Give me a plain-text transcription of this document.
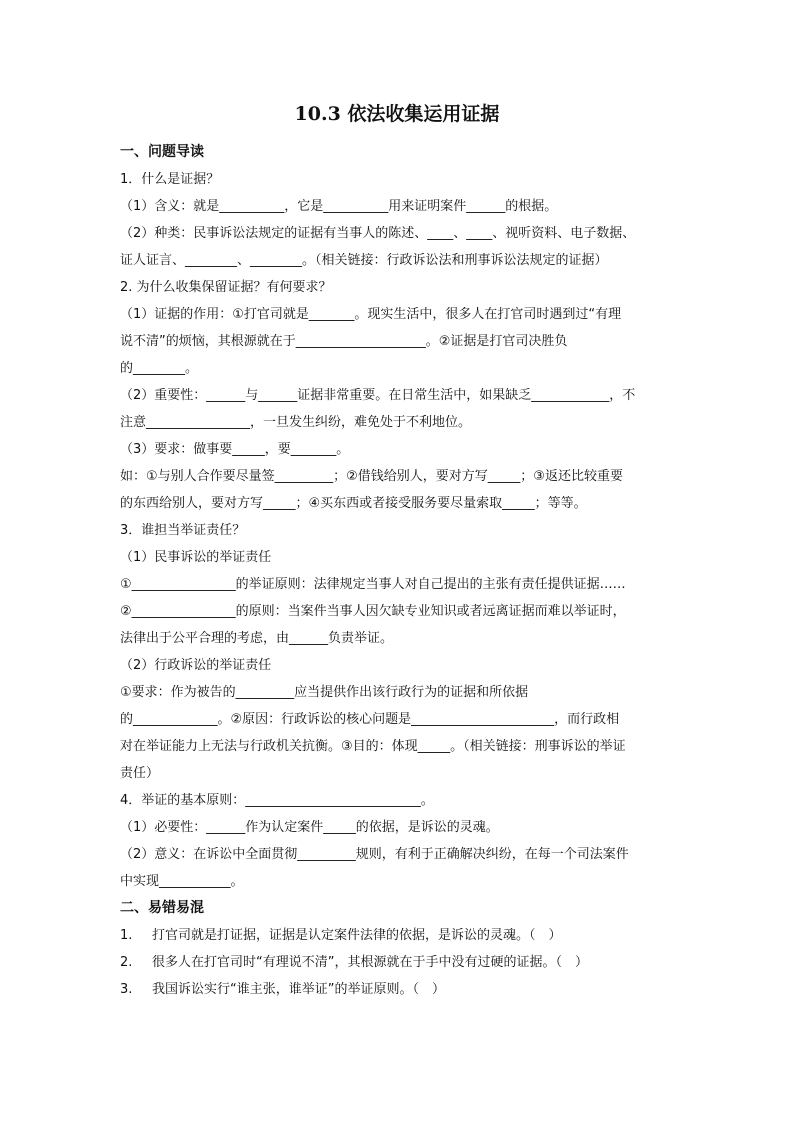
10.3 依法收集运用证据
一、问题导读
1．什么是证据？
（1）含义：就是__________，它是__________用来证明案件______的根据。
（2）种类：民事诉讼法规定的证据有当事人的陈述、____、____、视听资料、电子数据、
证人证言、________、________。（相关链接：行政诉讼法和刑事诉讼法规定的证据）
2. 为什么收集保留证据？有何要求？
（1）证据的作用：①打官司就是_______。现实生活中，很多人在打官司时遇到过“有理
说不清”的烦恼，其根源就在于____________________。②证据是打官司决胜负
的________。
（2）重要性：______与______证据非常重要。在日常生活中，如果缺乏____________，不
注意________________，一旦发生纠纷，难免处于不利地位。
（3）要求：做事要_____，要_______。
如：①与别人合作要尽量签_________；②借钱给别人，要对方写_____；③返还比较重要
的东西给别人，要对方写_____；④买东西或者接受服务要尽量索取_____；等等。
3．谁担当举证责任？
（1）民事诉讼的举证责任
①________________的举证原则：法律规定当事人对自己提出的主张有责任提供证据……
②________________的原则：当案件当事人因欠缺专业知识或者远离证据而难以举证时，
法律出于公平合理的考虑，由______负责举证。
（2）行政诉讼的举证责任
①要求：作为被告的_________应当提供作出该行政行为的证据和所依据
的_____________。②原因：行政诉讼的核心问题是______________________，而行政相
对在举证能力上无法与行政机关抗衡。③目的：体现_____。（相关链接：刑事诉讼的举证
责任）
4．举证的基本原则：___________________________。
（1）必要性：______作为认定案件_____的依据，是诉讼的灵魂。
（2）意义：在诉讼中全面贯彻_________规则，有利于正确解决纠纷，在每一个司法案件
中实现___________。
二、易错易混
1. 打官司就是打证据，证据是认定案件法律的依据，是诉讼的灵魂。（　）
2. 很多人在打官司时“有理说不清”，其根源就在于手中没有过硬的证据。（　）
3. 我国诉讼实行“谁主张，谁举证”的举证原则。（　）
